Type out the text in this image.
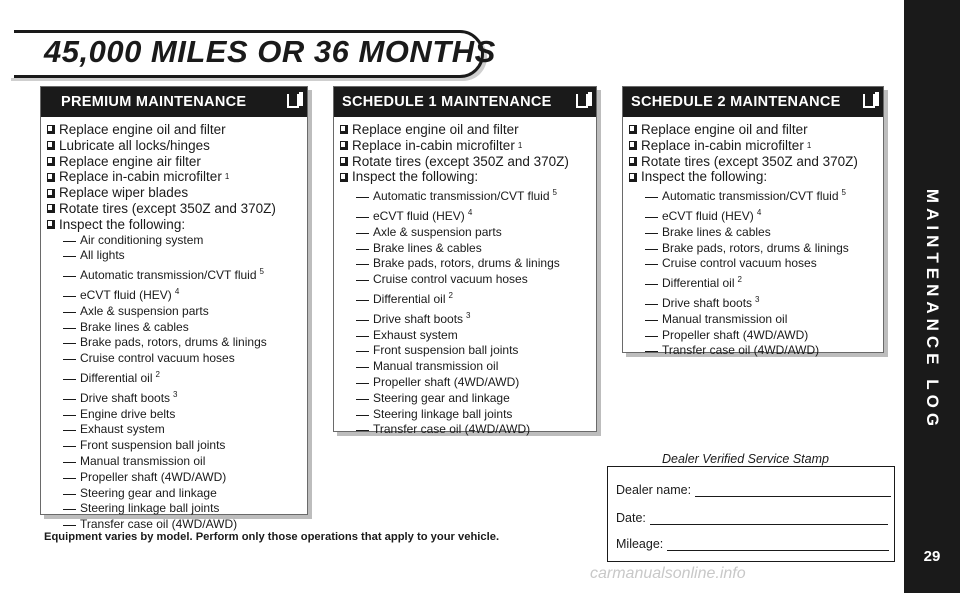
MAINTENANCE LOG
29
45,000 MILES OR 36 MONTHS
PREMIUM MAINTENANCE
Replace engine oil and filter
Lubricate all locks/hinges
Replace engine air filter
Replace in-cabin microfilter 1
Replace wiper blades
Rotate tires (except 350Z and 370Z)
Inspect the following:
Air conditioning system
All lights
Automatic transmission/CVT fluid $^5$
eCVT fluid (HEV) $^4$
Axle & suspension parts
Brake lines & cables
Brake pads, rotors, drums & linings
Cruise control vacuum hoses
Differential oil $^2$
Drive shaft boots $^3$
Engine drive belts
Exhaust system
Front suspension ball joints
Manual transmission oil
Propeller shaft (4WD/AWD)
Steering gear and linkage
Steering linkage ball joints
Transfer case oil (4WD/AWD)
SCHEDULE 1 MAINTENANCE
Replace engine oil and filter
Replace in-cabin microfilter 1
Rotate tires (except 350Z and 370Z)
Inspect the following:
Automatic transmission/CVT fluid $^5$
eCVT fluid (HEV) $^4$
Axle & suspension parts
Brake lines & cables
Brake pads, rotors, drums & linings
Cruise control vacuum hoses
Differential oil $^2$
Drive shaft boots $^3$
Exhaust system
Front suspension ball joints
Manual transmission oil
Propeller shaft (4WD/AWD)
Steering gear and linkage
Steering linkage ball joints
Transfer case oil (4WD/AWD)
SCHEDULE 2 MAINTENANCE
Replace engine oil and filter
Replace in-cabin microfilter 1
Rotate tires (except 350Z and 370Z)
Inspect the following:
Automatic transmission/CVT fluid $^5$
eCVT fluid (HEV) $^4$
Brake lines & cables
Brake pads, rotors, drums & linings
Cruise control vacuum hoses
Differential oil $^2$
Drive shaft boots $^3$
Manual transmission oil
Propeller shaft (4WD/AWD)
Transfer case oil (4WD/AWD)
Equipment varies by model. Perform only those operations that apply to your vehicle.
Dealer Verified Service Stamp
Dealer name:
Date:
Mileage:
carmanualsonline.info
